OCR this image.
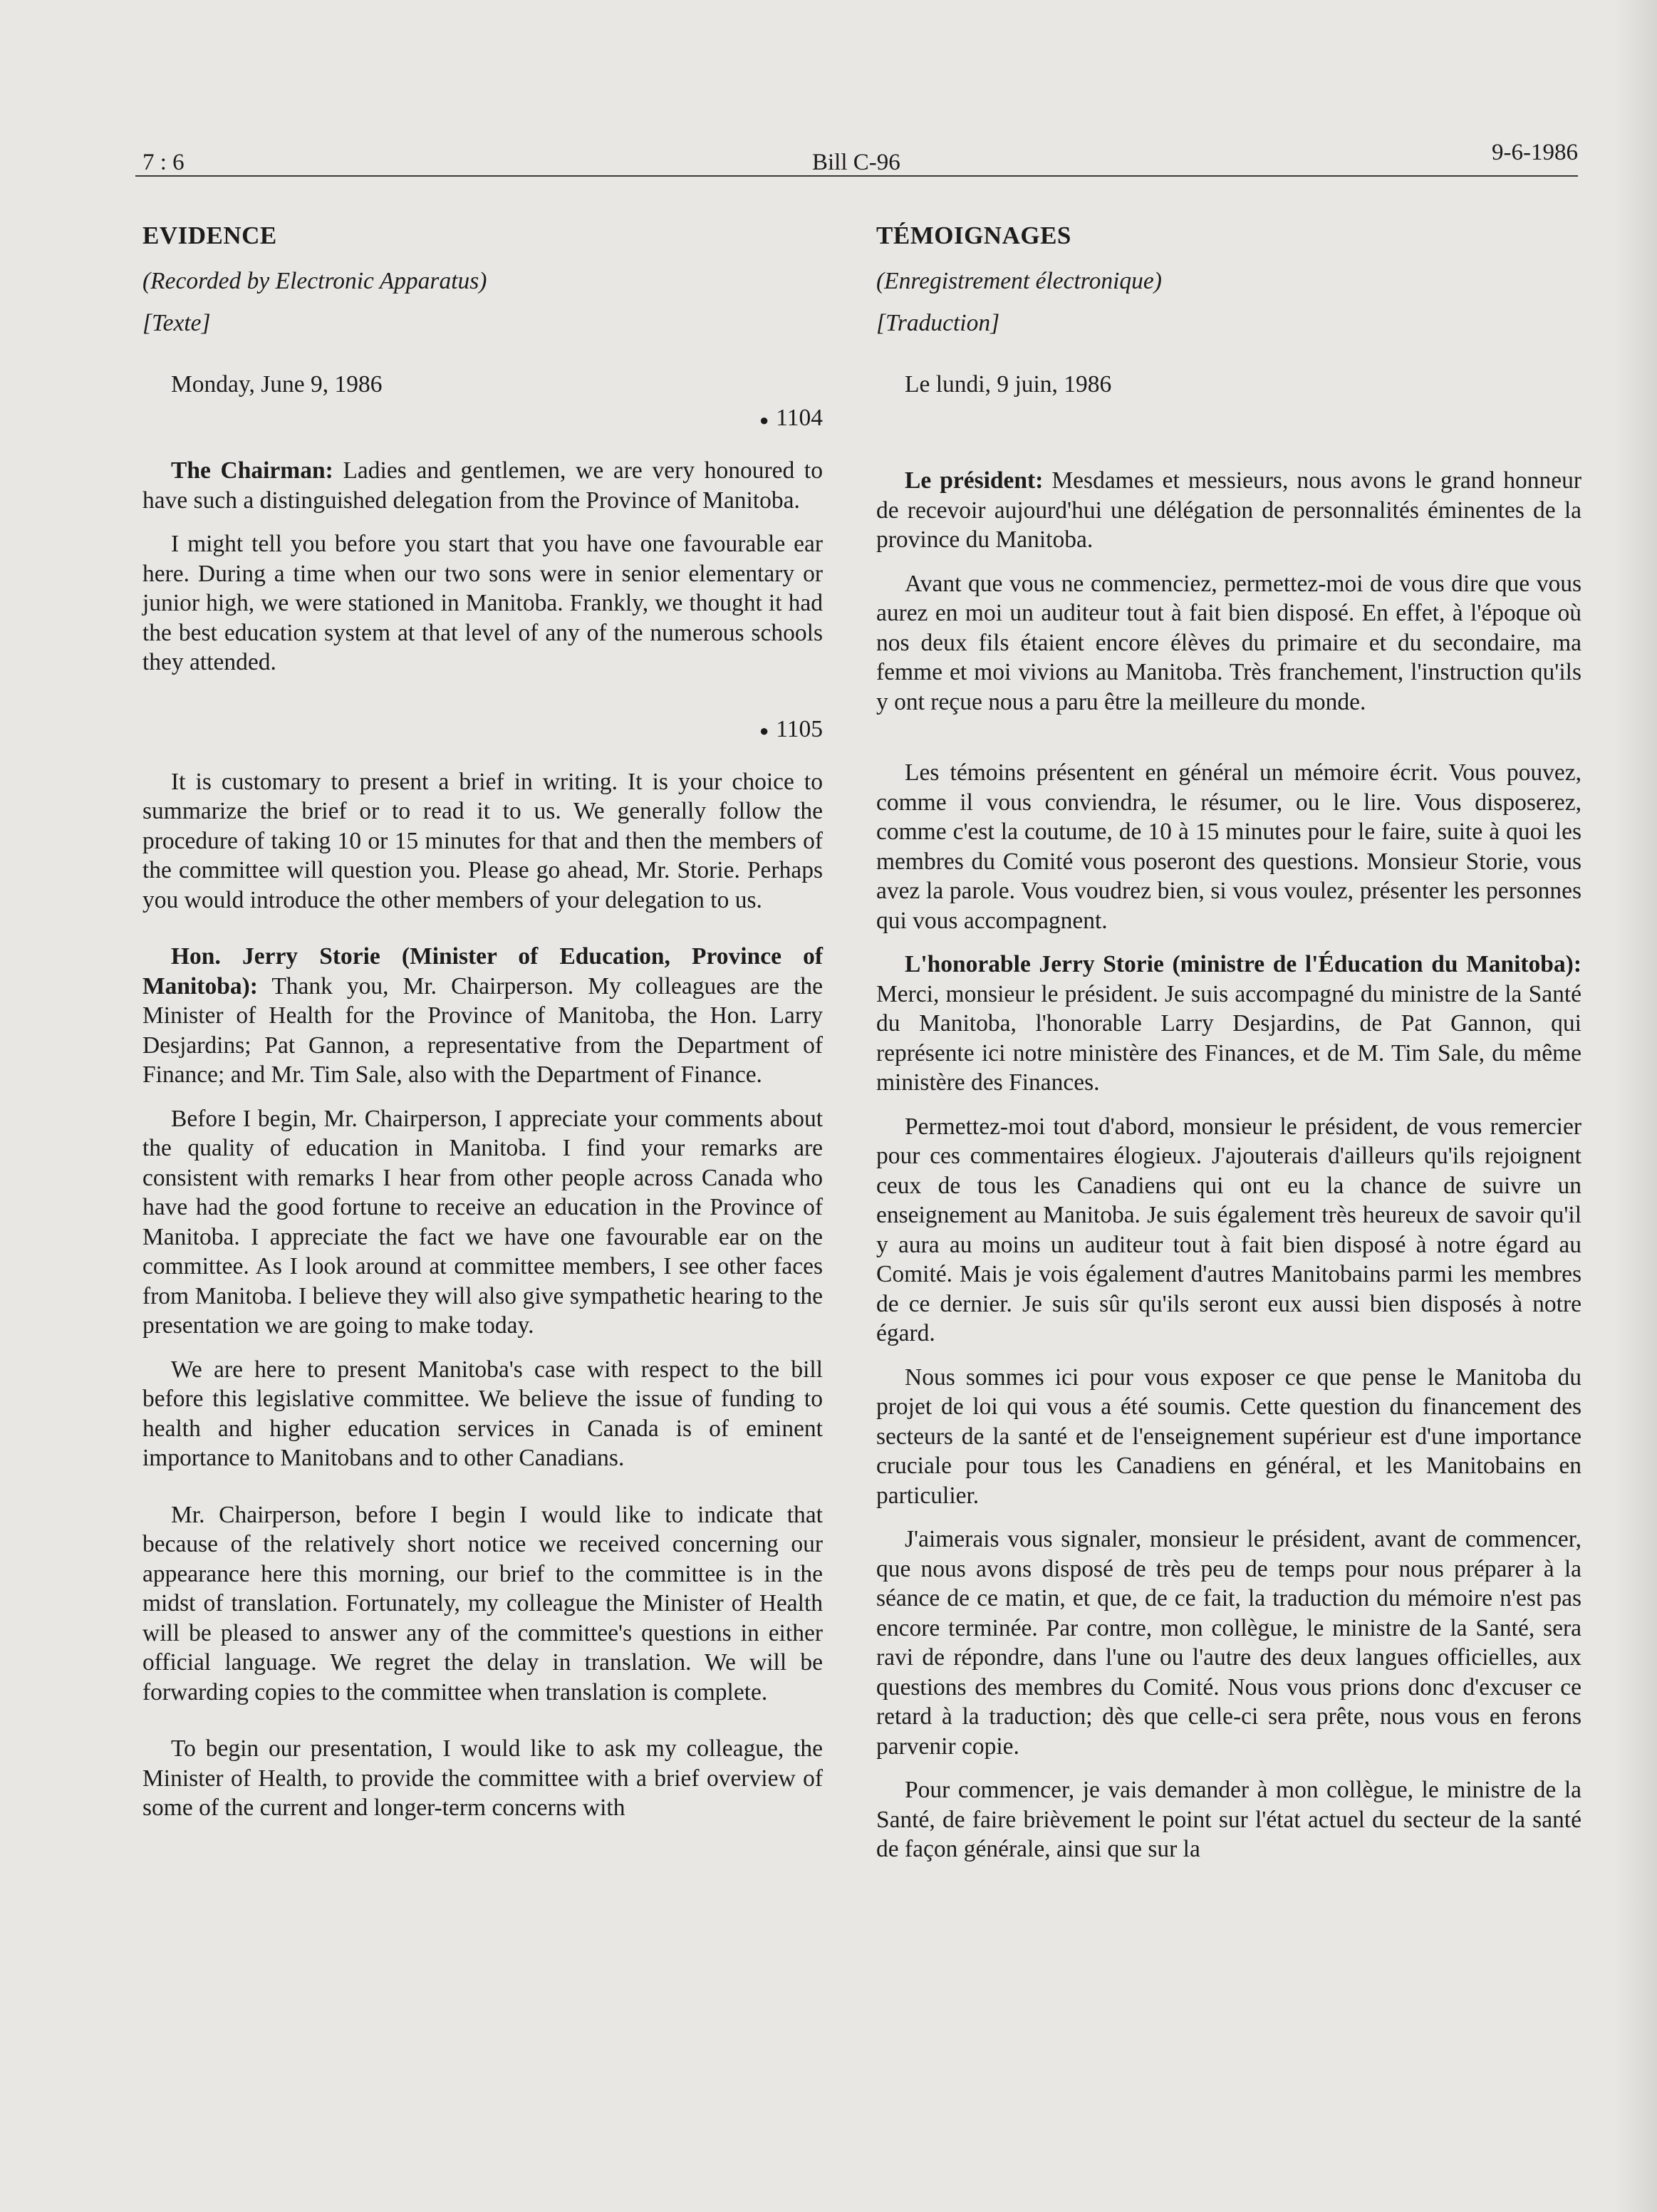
7 : 6	Bill C-96	9-6-1986
EVIDENCE
(Recorded by Electronic Apparatus)
[Texte]
Monday, June 9, 1986
● 1104

The Chairman: Ladies and gentlemen, we are very honoured to have such a distinguished delegation from the Province of Manitoba.

I might tell you before you start that you have one favourable ear here. During a time when our two sons were in senior elementary or junior high, we were stationed in Manitoba. Frankly, we thought it had the best education system at that level of any of the numerous schools they attended.

● 1105

It is customary to present a brief in writing. It is your choice to summarize the brief or to read it to us. We generally follow the procedure of taking 10 or 15 minutes for that and then the members of the committee will question you. Please go ahead, Mr. Storie. Perhaps you would introduce the other members of your delegation to us.

Hon. Jerry Storie (Minister of Education, Province of Manitoba): Thank you, Mr. Chairperson. My colleagues are the Minister of Health for the Province of Manitoba, the Hon. Larry Desjardins; Pat Gannon, a representative from the Department of Finance; and Mr. Tim Sale, also with the Department of Finance.

Before I begin, Mr. Chairperson, I appreciate your comments about the quality of education in Manitoba. I find your remarks are consistent with remarks I hear from other people across Canada who have had the good fortune to receive an education in the Province of Manitoba. I appreciate the fact we have one favourable ear on the committee. As I look around at committee members, I see other faces from Manitoba. I believe they will also give sympathetic hearing to the presentation we are going to make today.

We are here to present Manitoba's case with respect to the bill before this legislative committee. We believe the issue of funding to health and higher education services in Canada is of eminent importance to Manitobans and to other Canadians.

Mr. Chairperson, before I begin I would like to indicate that because of the relatively short notice we received concerning our appearance here this morning, our brief to the committee is in the midst of translation. Fortunately, my colleague the Minister of Health will be pleased to answer any of the committee's questions in either official language. We regret the delay in translation. We will be forwarding copies to the committee when translation is complete.

To begin our presentation, I would like to ask my colleague, the Minister of Health, to provide the committee with a brief overview of some of the current and longer-term concerns with

TÉMOIGNAGES
(Enregistrement électronique)
[Traduction]
Le lundi, 9 juin, 1986

Le président: Mesdames et messieurs, nous avons le grand honneur de recevoir aujourd'hui une délégation de personnalités éminentes de la province du Manitoba.

Avant que vous ne commenciez, permettez-moi de vous dire que vous aurez en moi un auditeur tout à fait bien disposé. En effet, à l'époque où nos deux fils étaient encore élèves du primaire et du secondaire, ma femme et moi vivions au Manitoba. Très franchement, l'instruction qu'ils y ont reçue nous a paru être la meilleure du monde.

Les témoins présentent en général un mémoire écrit. Vous pouvez, comme il vous conviendra, le résumer, ou le lire. Vous disposerez, comme c'est la coutume, de 10 à 15 minutes pour le faire, suite à quoi les membres du Comité vous poseront des questions. Monsieur Storie, vous avez la parole. Vous voudrez bien, si vous voulez, présenter les personnes qui vous accompagnent.

L'honorable Jerry Storie (ministre de l'Éducation du Manitoba): Merci, monsieur le président. Je suis accompagné du ministre de la Santé du Manitoba, l'honorable Larry Desjardins, de Pat Gannon, qui représente ici notre ministère des Finances, et de M. Tim Sale, du même ministère des Finances.

Permettez-moi tout d'abord, monsieur le président, de vous remercier pour ces commentaires élogieux. J'ajouterais d'ailleurs qu'ils rejoignent ceux de tous les Canadiens qui ont eu la chance de suivre un enseignement au Manitoba. Je suis également très heureux de savoir qu'il y aura au moins un auditeur tout à fait bien disposé à notre égard au Comité. Mais je vois également d'autres Manitobains parmi les membres de ce dernier. Je suis sûr qu'ils seront eux aussi bien disposés à notre égard.

Nous sommes ici pour vous exposer ce que pense le Manitoba du projet de loi qui vous a été soumis. Cette question du financement des secteurs de la santé et de l'enseignement supérieur est d'une importance cruciale pour tous les Canadiens en général, et les Manitobains en particulier.

J'aimerais vous signaler, monsieur le président, avant de commencer, que nous avons disposé de très peu de temps pour nous préparer à la séance de ce matin, et que, de ce fait, la traduction du mémoire n'est pas encore terminée. Par contre, mon collègue, le ministre de la Santé, sera ravi de répondre, dans l'une ou l'autre des deux langues officielles, aux questions des membres du Comité. Nous vous prions donc d'excuser ce retard à la traduction; dès que celle-ci sera prête, nous vous en ferons parvenir copie.

Pour commencer, je vais demander à mon collègue, le ministre de la Santé, de faire brièvement le point sur l'état actuel du secteur de la santé de façon générale, ainsi que sur la
